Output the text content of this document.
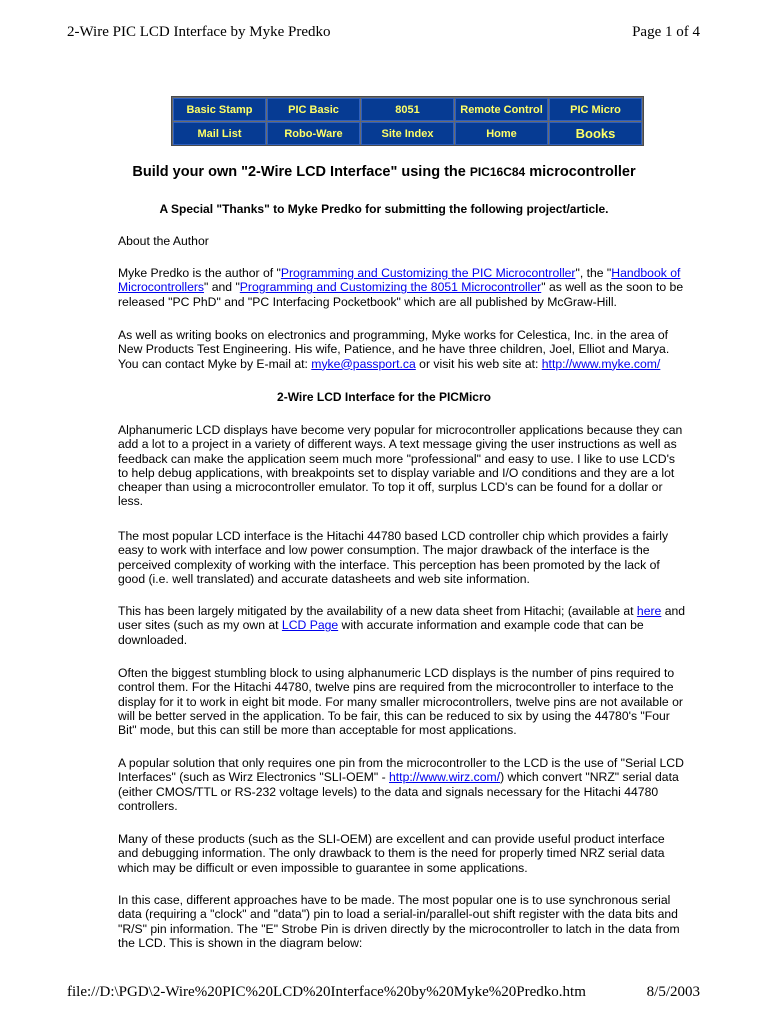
2-Wire PIC LCD Interface by Myke Predko	Page 1 of 4
Basic Stamp	PIC Basic	8051	Remote Control	PIC Micro
Mail List	Robo-Ware	Site Index	Home	Books
Build your own "2-Wire LCD Interface" using the PIC16C84 microcontroller
A Special "Thanks" to Myke Predko for submitting the following project/article.

About the Author

Myke Predko is the author of "Programming and Customizing the PIC Microcontroller", the "Handbook of Microcontrollers" and "Programming and Customizing the 8051 Microcontroller" as well as the soon to be released "PC PhD" and "PC Interfacing Pocketbook" which are all published by McGraw-Hill.

As well as writing books on electronics and programming, Myke works for Celestica, Inc. in the area of New Products Test Engineering. His wife, Patience, and he have three children, Joel, Elliot and Marya. You can contact Myke by E-mail at: myke@passport.ca or visit his web site at: http://www.myke.com/

2-Wire LCD Interface for the PICMicro

Alphanumeric LCD displays have become very popular for microcontroller applications because they can add a lot to a project in a variety of different ways. A text message giving the user instructions as well as feedback can make the application seem much more "professional" and easy to use. I like to use LCD's to help debug applications, with breakpoints set to display variable and I/O conditions and they are a lot cheaper than using a microcontroller emulator. To top it off, surplus LCD's can be found for a dollar or less.

The most popular LCD interface is the Hitachi 44780 based LCD controller chip which provides a fairly easy to work with interface and low power consumption. The major drawback of the interface is the perceived complexity of working with the interface. This perception has been promoted by the lack of good (i.e. well translated) and accurate datasheets and web site information.

This has been largely mitigated by the availability of a new data sheet from Hitachi; (available at here and user sites (such as my own at LCD Page with accurate information and example code that can be downloaded.

Often the biggest stumbling block to using alphanumeric LCD displays is the number of pins required to control them. For the Hitachi 44780, twelve pins are required from the microcontroller to interface to the display for it to work in eight bit mode. For many smaller microcontrollers, twelve pins are not available or will be better served in the application. To be fair, this can be reduced to six by using the 44780's "Four Bit" mode, but this can still be more than acceptable for most applications.

A popular solution that only requires one pin from the microcontroller to the LCD is the use of "Serial LCD Interfaces" (such as Wirz Electronics "SLI-OEM" - http://www.wirz.com/) which convert "NRZ" serial data (either CMOS/TTL or RS-232 voltage levels) to the data and signals necessary for the Hitachi 44780 controllers.

Many of these products (such as the SLI-OEM) are excellent and can provide useful product interface and debugging information. The only drawback to them is the need for properly timed NRZ serial data which may be difficult or even impossible to guarantee in some applications.

In this case, different approaches have to be made. The most popular one is to use synchronous serial data (requiring a "clock" and "data") pin to load a serial-in/parallel-out shift register with the data bits and "R/S" pin information. The "E" Strobe Pin is driven directly by the microcontroller to latch in the data from the LCD. This is shown in the diagram below:

file://D:\PGD\2-Wire%20PIC%20LCD%20Interface%20by%20Myke%20Predko.htm	8/5/2003
